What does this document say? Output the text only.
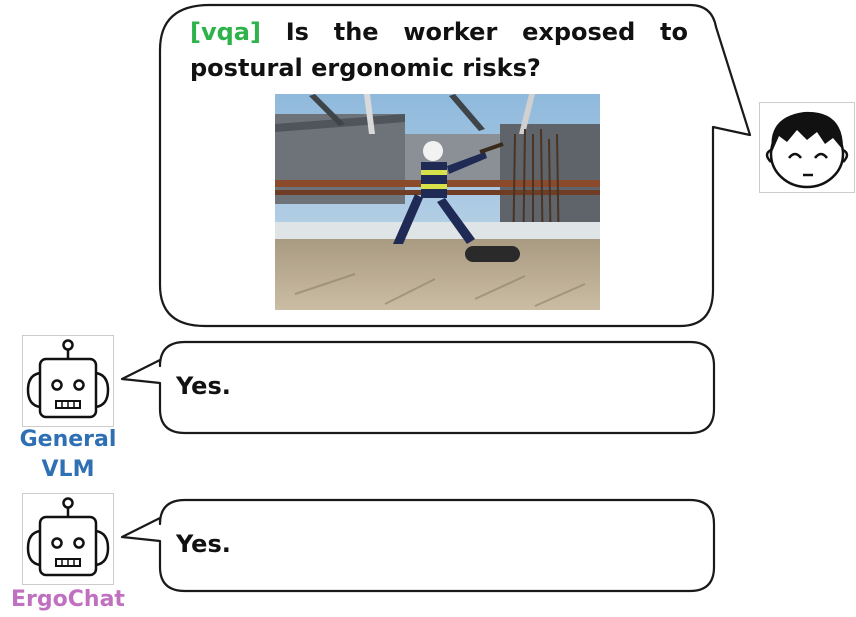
[vqa] Is the worker exposed to postural ergonomic risks?
General VLM
ErgoChat
Yes.
Yes.
